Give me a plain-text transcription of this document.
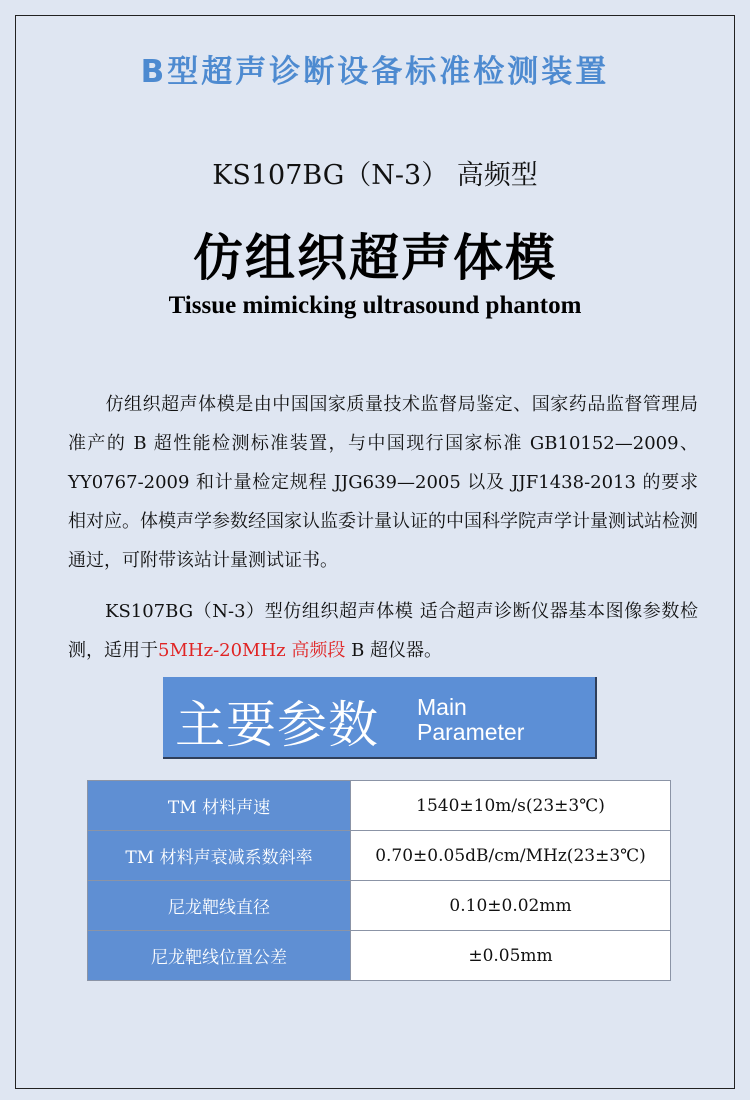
B型超声诊断设备标准检测装置
KS107BG（N-3） 高频型
仿组织超声体模
Tissue mimicking ultrasound phantom

仿组织超声体模是由中国国家质量技术监督局鉴定、国家药品监督管理局准产的 B 超性能检测标准装置，与中国现行国家标准 GB10152—2009、YY0767-2009 和计量检定规程 JJG639—2005 以及 JJF1438-2013 的要求相对应。体模声学参数经国家认监委计量认证的中国科学院声学计量测试站检测通过，可附带该站计量测试证书。

KS107BG（N-3）型仿组织超声体模 适合超声诊断仪器基本图像参数检测，适用于5MHz-20MHz 高频段 B 超仪器。

主要参数 Main
Parameter
TM 材料声速	1540±10m/s(23±3℃)
TM 材料声衰减系数斜率	0.70±0.05dB/cm/MHz(23±3℃)
尼龙靶线直径	0.10±0.02mm
尼龙靶线位置公差	±0.05mm
